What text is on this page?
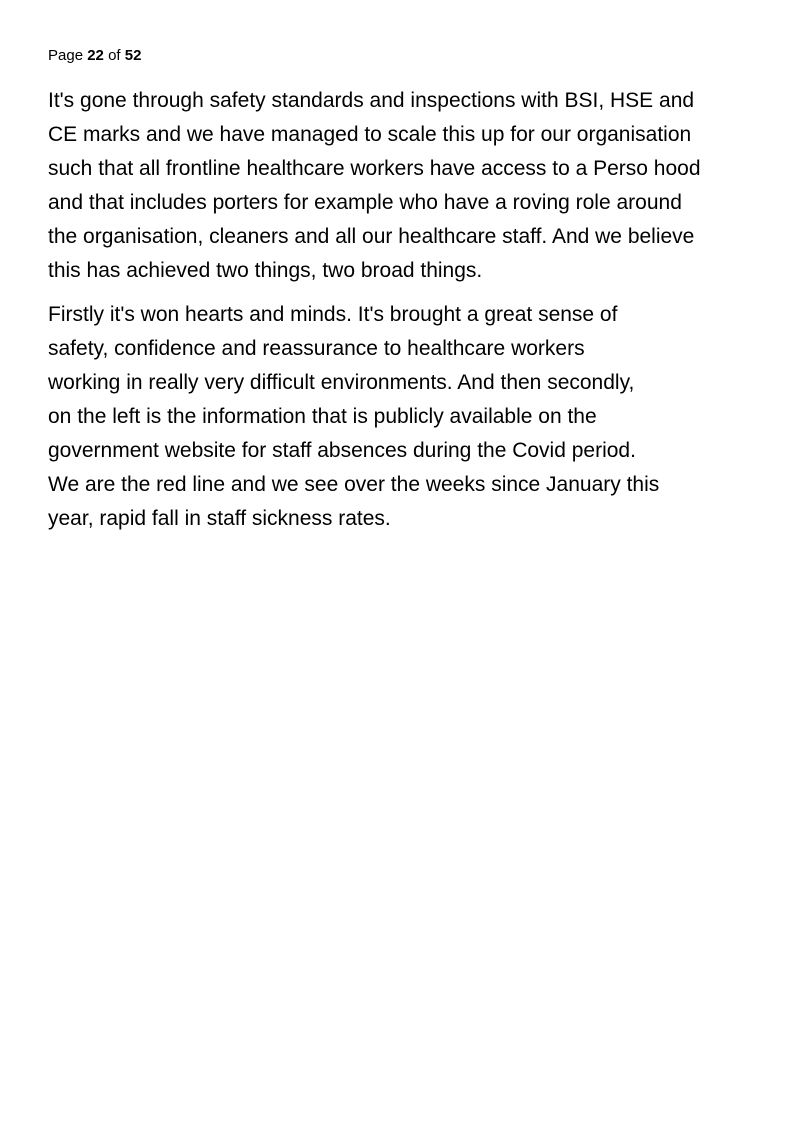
Page 22 of 52

It's gone through safety standards and inspections with BSI, HSE and
CE marks and we have managed to scale this up for our organisation
such that all frontline healthcare workers have access to a Perso hood
and that includes porters for example who have a roving role around
the organisation, cleaners and all our healthcare staff. And we believe
this has achieved two things, two broad things.

Firstly it's won hearts and minds. It's brought a great sense of
safety, confidence and reassurance to healthcare workers
working in really very difficult environments. And then secondly,
on the left is the information that is publicly available on the
government website for staff absences during the Covid period.
We are the red line and we see over the weeks since January this
year, rapid fall in staff sickness rates.
